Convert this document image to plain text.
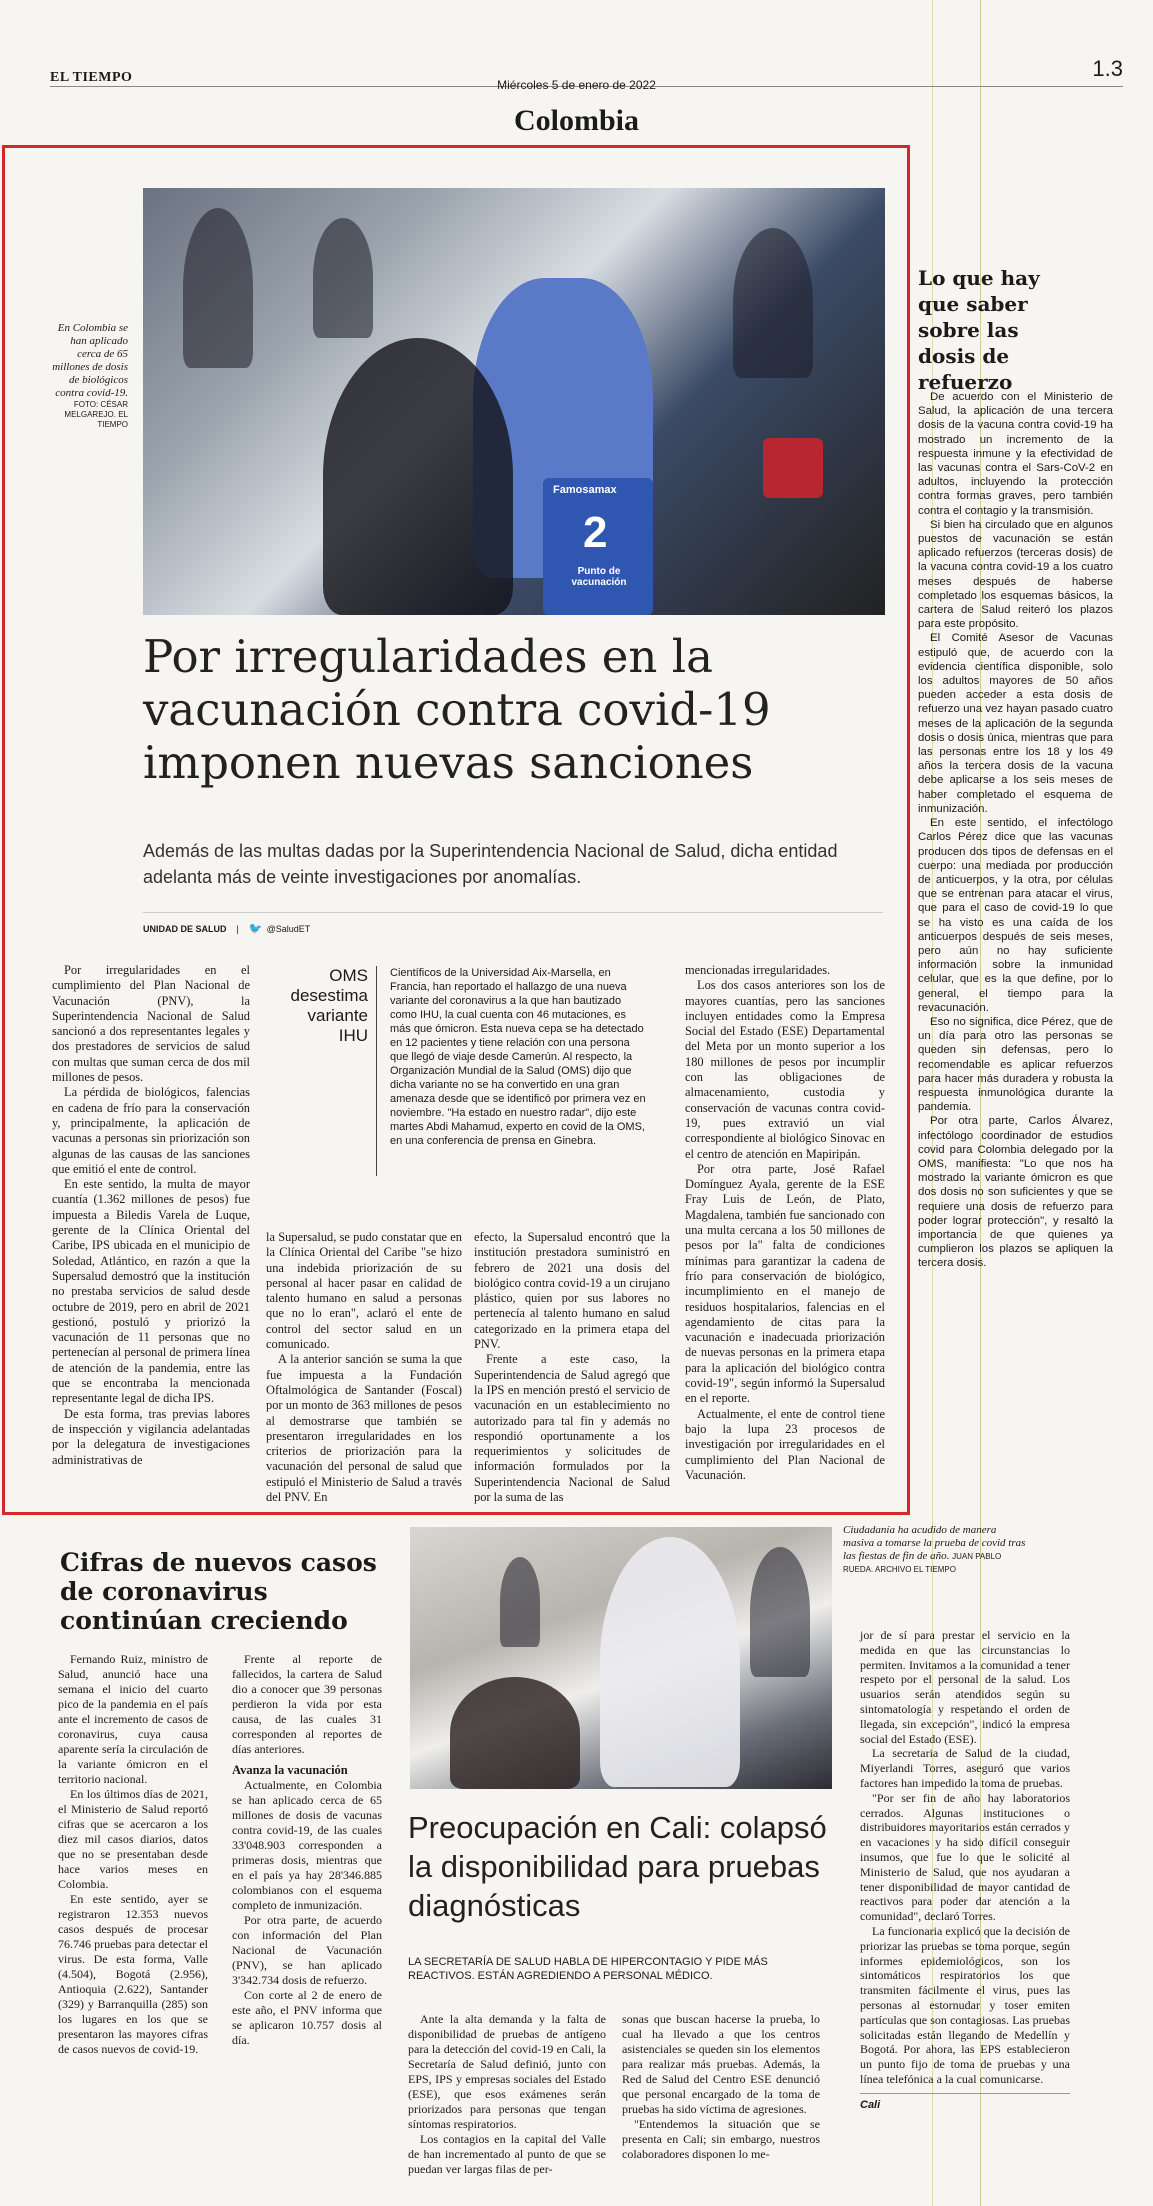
EL TIEMPO	1.3
Miércoles 5 de enero de 2022
Colombia
En Colombia se han aplicado cerca de 65 millones de dosis de biológicos contra covid-19.
FOTO: CÉSAR MELGAREJO. EL TIEMPO
2
Famosamax
Punto de vacunación
Por irregularidades en la vacunación contra covid-19 imponen nuevas sanciones
Además de las multas dadas por la Superintendencia Nacional de Salud, dicha entidad adelanta más de veinte investigaciones por anomalías.
UNIDAD DE SALUD | 🐦 @SaludET

Por irregularidades en el cumplimiento del Plan Nacional de Vacunación (PNV), la Superintendencia Nacional de Salud sancionó a dos representantes legales y dos prestadores de servicios de salud con multas que suman cerca de dos mil millones de pesos.

La pérdida de biológicos, falencias en cadena de frío para la conservación y, principalmente, la aplicación de vacunas a personas sin priorización son algunas de las causas de las sanciones que emitió el ente de control.

En este sentido, la multa de mayor cuantía (1.362 millones de pesos) fue impuesta a Biledis Varela de Luque, gerente de la Clínica Oriental del Caribe, IPS ubicada en el municipio de Soledad, Atlántico, en razón a que la Supersalud demostró que la institución no prestaba servicios de salud desde octubre de 2019, pero en abril de 2021 gestionó, postuló y priorizó la vacunación de 11 personas que no pertenecían al personal de primera línea de atención de la pandemia, entre las que se encontraba la mencionada representante legal de dicha IPS.

De esta forma, tras previas labores de inspección y vigilancia adelantadas por la delegatura de investigaciones administrativas de

OMS desestima variante IHU
Científicos de la Universidad Aix-Marsella, en Francia, han reportado el hallazgo de una nueva variante del coronavirus a la que han bautizado como IHU, la cual cuenta con 46 mutaciones, es más que ómicron. Esta nueva cepa se ha detectado en 12 pacientes y tiene relación con una persona que llegó de viaje desde Camerún. Al respecto, la Organización Mundial de la Salud (OMS) dijo que dicha variante no se ha convertido en una gran amenaza desde que se identificó por primera vez en noviembre. "Ha estado en nuestro radar", dijo este martes Abdi Mahamud, experto en covid de la OMS, en una conferencia de prensa en Ginebra.

la Supersalud, se pudo constatar que en la Clínica Oriental del Caribe "se hizo una indebida priorización de su personal al hacer pasar en calidad de talento humano en salud a personas que no lo eran", aclaró el ente de control del sector salud en un comunicado.

A la anterior sanción se suma la que fue impuesta a la Fundación Oftalmológica de Santander (Foscal) por un monto de 363 millones de pesos al demostrarse que también se presentaron irregularidades en los criterios de priorización para la vacunación del personal de salud que estipuló el Ministerio de Salud a través del PNV. En

efecto, la Supersalud encontró que la institución prestadora suministró en febrero de 2021 una dosis del biológico contra covid-19 a un cirujano plástico, quien por sus labores no pertenecía al talento humano en salud categorizado en la primera etapa del PNV.

Frente a este caso, la Superintendencia de Salud agregó que la IPS en mención prestó el servicio de vacunación en un establecimiento no autorizado para tal fin y además no respondió oportunamente a los requerimientos y solicitudes de información formulados por la Superintendencia Nacional de Salud por la suma de las

mencionadas irregularidades.

Los dos casos anteriores son los de mayores cuantías, pero las sanciones incluyen entidades como la Empresa Social del Estado (ESE) Departamental del Meta por un monto superior a los 180 millones de pesos por incumplir con las obligaciones de almacenamiento, custodia y conservación de vacunas contra covid-19, pues extravió un vial correspondiente al biológico Sinovac en el centro de atención en Mapiripán.

Por otra parte, José Rafael Domínguez Ayala, gerente de la ESE Fray Luis de León, de Plato, Magdalena, también fue sancionado con una multa cercana a los 50 millones de pesos por la" falta de condiciones mínimas para garantizar la cadena de frío para conservación de biológico, incumplimiento en el manejo de residuos hospitalarios, falencias en el agendamiento de citas para la vacunación e inadecuada priorización de nuevas personas en la primera etapa para la aplicación del biológico contra covid-19", según informó la Supersalud en el reporte.

Actualmente, el ente de control tiene bajo la lupa 23 procesos de investigación por irregularidades en el cumplimiento del Plan Nacional de Vacunación.

Lo que hay que saber sobre las dosis de refuerzo

De acuerdo con el Ministerio de Salud, la aplicación de una tercera dosis de la vacuna contra covid-19 ha mostrado un incremento de la respuesta inmune y la efectividad de las vacunas contra el Sars-CoV-2 en adultos, incluyendo la protección contra formas graves, pero también contra el contagio y la transmisión.

Si bien ha circulado que en algunos puestos de vacunación se están aplicado refuerzos (terceras dosis) de la vacuna contra covid-19 a los cuatro meses después de haberse completado los esquemas básicos, la cartera de Salud reiteró los plazos para este propósito.

El Comité Asesor de Vacunas estipuló que, de acuerdo con la evidencia científica disponible, solo los adultos mayores de 50 años pueden acceder a esta dosis de refuerzo una vez hayan pasado cuatro meses de la aplicación de la segunda dosis o dosis única, mientras que para las personas entre los 18 y los 49 años la tercera dosis de la vacuna debe aplicarse a los seis meses de haber completado el esquema de inmunización.

En este sentido, el infectólogo Carlos Pérez dice que las vacunas producen dos tipos de defensas en el cuerpo: una mediada por producción de anticuerpos, y la otra, por células que se entrenan para atacar el virus, que para el caso de covid-19 lo que se ha visto es una caída de los anticuerpos después de seis meses, pero aún no hay suficiente información sobre la inmunidad celular, que es la que define, por lo general, el tiempo para la revacunación.

Eso no significa, dice Pérez, que de un día para otro las personas se queden sin defensas, pero lo recomendable es aplicar refuerzos para hacer más duradera y robusta la respuesta inmunológica durante la pandemia.

Por otra parte, Carlos Álvarez, infectólogo coordinador de estudios covid para Colombia delegado por la OMS, manifiesta: "Lo que nos ha mostrado la variante ómicron es que dos dosis no son suficientes y que se requiere una dosis de refuerzo para poder lograr protección", y resaltó la importancia de que quienes ya cumplieron los plazos se apliquen la tercera dosis.

Cifras de nuevos casos de coronavirus continúan creciendo

Fernando Ruiz, ministro de Salud, anunció hace una semana el inicio del cuarto pico de la pandemia en el país ante el incremento de casos de coronavirus, cuya causa aparente sería la circulación de la variante ómicron en el territorio nacional.

En los últimos días de 2021, el Ministerio de Salud reportó cifras que se acercaron a los diez mil casos diarios, datos que no se presentaban desde hace varios meses en Colombia.

En este sentido, ayer se registraron 12.353 nuevos casos después de procesar 76.746 pruebas para detectar el virus. De esta forma, Valle (4.504), Bogotá (2.956), Antioquia (2.622), Santander (329) y Barranquilla (285) son los lugares en los que se presentaron las mayores cifras de casos nuevos de covid-19.

Frente al reporte de fallecidos, la cartera de Salud dio a conocer que 39 personas perdieron la vida por esta causa, de las cuales 31 corresponden al reportes de días anteriores.

Avanza la vacunación

Actualmente, en Colombia se han aplicado cerca de 65 millones de dosis de vacunas contra covid-19, de las cuales 33'048.903 corresponden a primeras dosis, mientras que en el país ya hay 28'346.885 colombianos con el esquema completo de inmunización.

Por otra parte, de acuerdo con información del Plan Nacional de Vacunación (PNV), se han aplicado 3'342.734 dosis de refuerzo.

Con corte al 2 de enero de este año, el PNV informa que se aplicaron 10.757 dosis al día.

Ciudadanía ha acudido de manera masiva a tomarse la prueba de covid tras las fiestas de fin de año. JUAN PABLO RUEDA. ARCHIVO EL TIEMPO
Preocupación en Cali: colapsó la disponibilidad para pruebas diagnósticas
LA SECRETARÍA DE SALUD HABLA DE HIPERCONTAGIO Y PIDE MÁS REACTIVOS. ESTÁN AGREDIENDO A PERSONAL MÉDICO.

Ante la alta demanda y la falta de disponibilidad de pruebas de antígeno para la detección del covid-19 en Cali, la Secretaría de Salud definió, junto con EPS, IPS y empresas sociales del Estado (ESE), que esos exámenes serán priorizados para personas que tengan síntomas respiratorios.

Los contagios en la capital del Valle de han incrementado al punto de que se puedan ver largas filas de per-

sonas que buscan hacerse la prueba, lo cual ha llevado a que los centros asistenciales se queden sin los elementos para realizar más pruebas. Además, la Red de Salud del Centro ESE denunció que personal encargado de la toma de pruebas ha sido víctima de agresiones.

"Entendemos la situación que se presenta en Cali; sin embargo, nuestros colaboradores disponen lo me-

jor de sí para prestar el servicio en la medida en que las circunstancias lo permiten. Invitamos a la comunidad a tener respeto por el personal de la salud. Los usuarios serán atendidos según su sintomatología y respetando el orden de llegada, sin excepción", indicó la empresa social del Estado (ESE).

La secretaria de Salud de la ciudad, Miyerlandi Torres, aseguró que varios factores han impedido la toma de pruebas.

"Por ser fin de año hay laboratorios cerrados. Algunas instituciones o distribuidores mayoritarios están cerrados y en vacaciones y ha sido difícil conseguir insumos, que fue lo que le solicité al Ministerio de Salud, que nos ayudaran a tener disponibilidad de mayor cantidad de reactivos para poder dar atención a la comunidad", declaró Torres.

La funcionaria explicó que la decisión de priorizar las pruebas se toma porque, según informes epidemiológicos, son los sintomáticos respiratorios los que transmiten fácilmente el virus, pues las personas al estornudar y toser emiten partículas que son contagiosas. Las pruebas solicitadas están llegando de Medellín y Bogotá. Por ahora, las EPS establecieron un punto fijo de toma de pruebas y una línea telefónica a la cual comunicarse.

Cali
